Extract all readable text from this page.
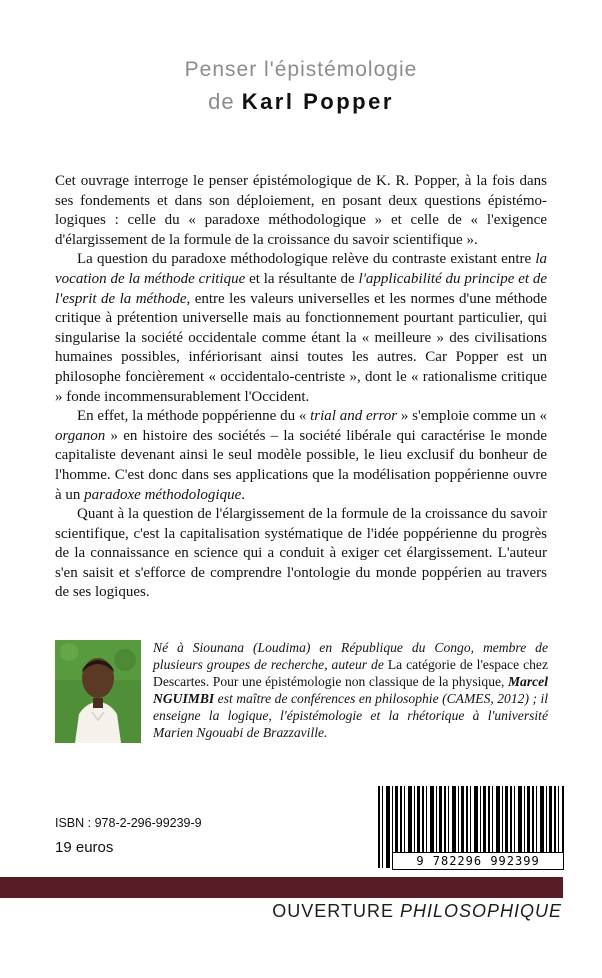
Penser l'épistémologie
de Karl Popper

Cet ouvrage interroge le penser épistémologique de K. R. Popper, à la fois dans ses fondements et dans son déploiement, en posant deux questions épistémo-logiques : celle du « paradoxe méthodologique » et celle de « l'exigence d'élargissement de la formule de la croissance du savoir scientifique ».

La question du paradoxe méthodologique relève du contraste existant entre la vocation de la méthode critique et la résultante de l'applicabilité du principe et de l'esprit de la méthode, entre les valeurs universelles et les normes d'une méthode critique à prétention universelle mais au fonctionnement pourtant particulier, qui singularise la société occidentale comme étant la « meilleure » des civilisations humaines possibles, infériorisant ainsi toutes les autres. Car Popper est un philosophe foncièrement « occidentalo-centriste », dont le « rationalisme critique » fonde incommensurablement l'Occident.

En effet, la méthode poppérienne du « trial and error » s'emploie comme un « organon » en histoire des sociétés – la société libérale qui caractérise le monde capitaliste devenant ainsi le seul modèle possible, le lieu exclusif du bonheur de l'homme. C'est donc dans ses applications que la modélisation poppérienne ouvre à un paradoxe méthodologique.

Quant à la question de l'élargissement de la formule de la croissance du savoir scientifique, c'est la capitalisation systématique de l'idée poppérienne du progrès de la connaissance en science qui a conduit à exiger cet élargissement. L'auteur s'en saisit et s'efforce de comprendre l'ontologie du monde poppérien au travers de ses logiques.

Né à Siounana (Loudima) en République du Congo, membre de plusieurs groupes de recherche, auteur de La catégorie de l'espace chez Descartes. Pour une épistémologie non classique de la physique, Marcel NGUIMBI est maître de conférences en philosophie (CAMES, 2012) ; il enseigne la logique, l'épistémologie et la rhétorique à l'université Marien Ngouabi de Brazzaville.
ISBN : 978-2-296-99239-9
19 euros
9 782296 992399
OUVERTURE PHILOSOPHIQUE
